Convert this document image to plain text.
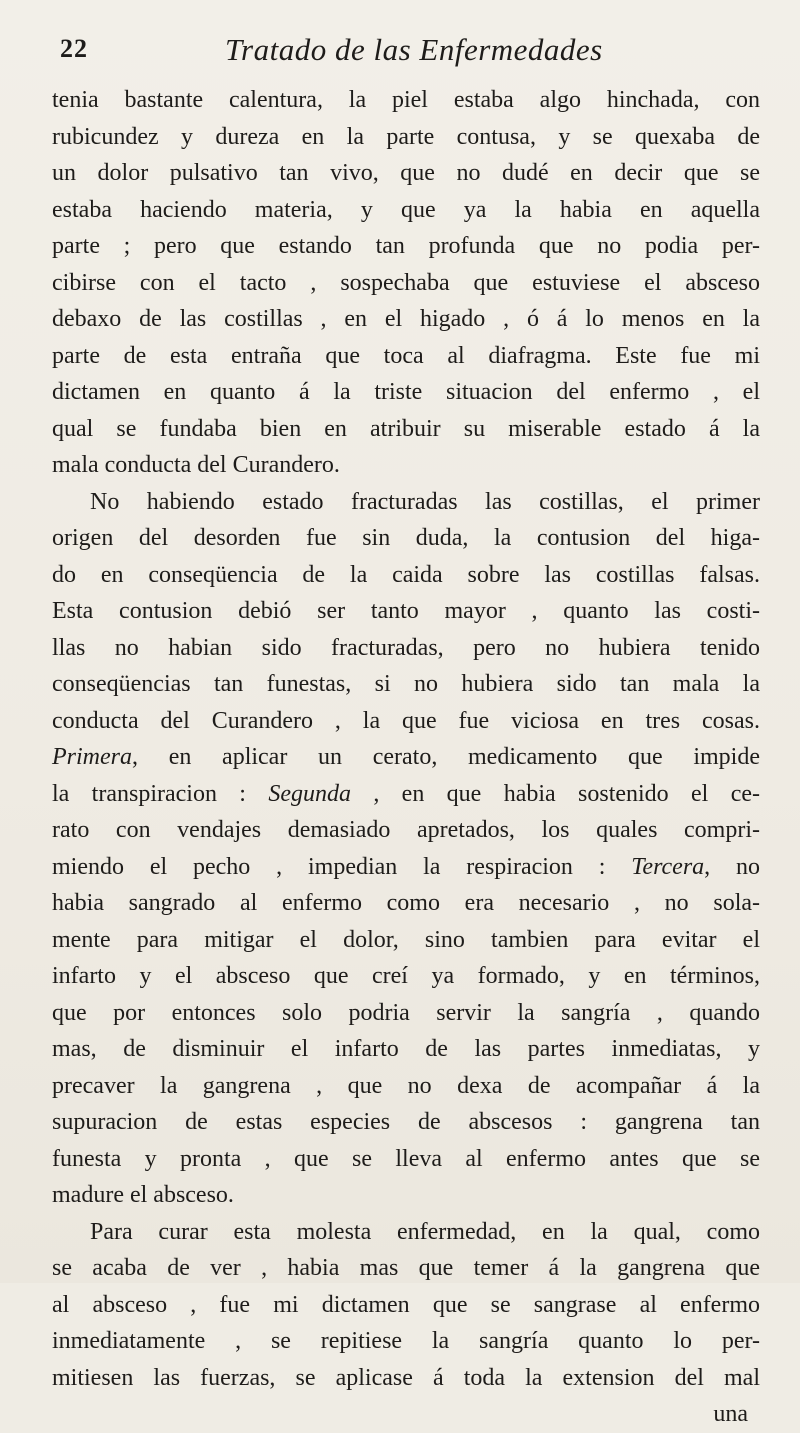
22	Tratado de las Enfermedades
tenia bastante calentura, la piel estaba algo hinchada, con
rubicundez y dureza en la parte contusa, y se quexaba de
un dolor pulsativo tan vivo, que no dudé en decir que se
estaba haciendo materia, y que ya la habia en aquella
parte ; pero que estando tan profunda que no podia per-
cibirse con el tacto , sospechaba que estuviese el absceso
debaxo de las costillas , en el higado , ó á lo menos en la
parte de esta entraña que toca al diafragma. Este fue mi
dictamen en quanto á la triste situacion del enfermo , el
qual se fundaba bien en atribuir su miserable estado á la
mala conducta del Curandero.
No habiendo estado fracturadas las costillas, el primer
origen del desorden fue sin duda, la contusion del higa-
do en conseqüencia de la caida sobre las costillas falsas.
Esta contusion debió ser tanto mayor , quanto las costi-
llas no habian sido fracturadas, pero no hubiera tenido
conseqüencias tan funestas, si no hubiera sido tan mala la
conducta del Curandero , la que fue viciosa en tres cosas.
Primera, en aplicar un cerato, medicamento que impide
la transpiracion : Segunda , en que habia sostenido el ce-
rato con vendajes demasiado apretados, los quales compri-
miendo el pecho , impedian la respiracion : Tercera, no
habia sangrado al enfermo como era necesario , no sola-
mente para mitigar el dolor, sino tambien para evitar el
infarto y el absceso que creí ya formado, y en términos,
que por entonces solo podria servir la sangría , quando
mas, de disminuir el infarto de las partes inmediatas, y
precaver la gangrena , que no dexa de acompañar á la
supuracion de estas especies de abscesos : gangrena tan
funesta y pronta , que se lleva al enfermo antes que se
madure el absceso.
Para curar esta molesta enfermedad, en la qual, como
se acaba de ver , habia mas que temer á la gangrena que
al absceso , fue mi dictamen que se sangrase al enfermo
inmediatamente , se repitiese la sangría quanto lo per-
mitiesen las fuerzas, se aplicase á toda la extension del mal
una
